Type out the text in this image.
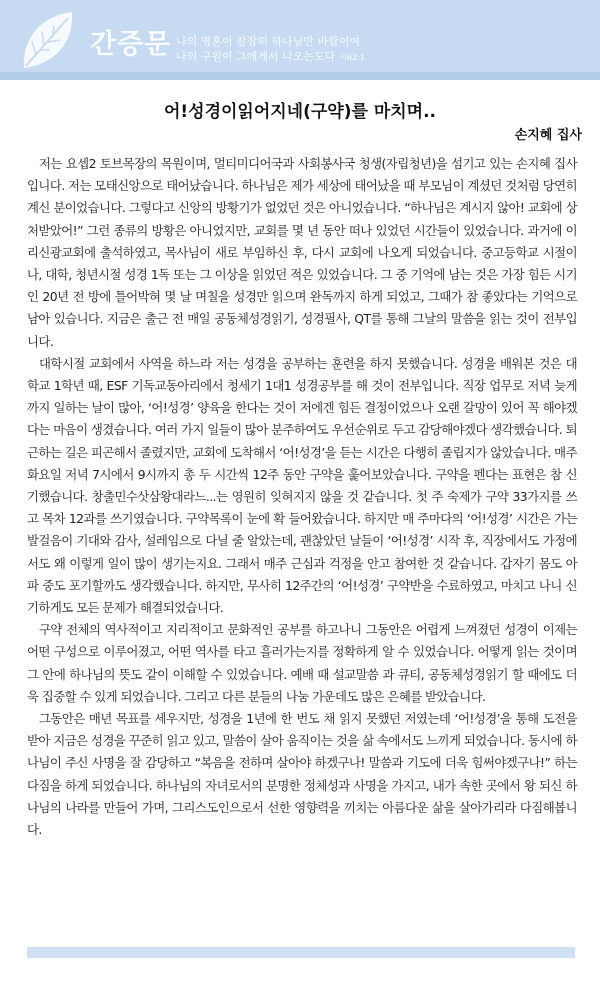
간증문 나의 영혼이 잠잠히 하나님만 바람이여
나의 구원이 그에게서 나오는도다 시62:1
어!성경이읽어지네(구약)를 마치며..
손지혜 집사

저는 요셉2 토브목장의 목원이며, 멀티미디어국과 사회봉사국 청생(자립청년)을 섬기고 있는 손지혜 집사입니다. 저는 모태신앙으로 태어났습니다. 하나님은 제가 세상에 태어났을 때 부모님이 계셨던 것처럼 당연히 계신 분이었습니다. 그렇다고 신앙의 방황기가 없었던 것은 아니었습니다. “하나님은 계시지 않아! 교회에 상처받았어!” 그런 종류의 방황은 아니었지만, 교회를 몇 년 동안 떠나 있었던 시간들이 있었습니다. 과거에 이리신광교회에 출석하였고, 목사님이 새로 부임하신 후, 다시 교회에 나오게 되었습니다. 중고등학교 시절이나, 대학, 청년시절 성경 1독 또는 그 이상을 읽었던 적은 있었습니다. 그 중 기억에 남는 것은 가장 힘든 시기인 20년 전 방에 틀어박혀 몇 날 며칠을 성경만 읽으며 완독까지 하게 되었고, 그때가 참 좋았다는 기억으로 남아 있습니다. 지금은 출근 전 매일 공동체성경읽기, 성경필사, QT를 통해 그날의 말씀을 읽는 것이 전부입니다.

대학시절 교회에서 사역을 하느라 저는 성경을 공부하는 훈련을 하지 못했습니다. 성경을 배워본 것은 대학교 1학년 때, ESF 기독교동아리에서 청세기 1대1 성경공부를 해 것이 전부입니다. 직장 업무로 저녁 늦게까지 일하는 날이 많아, ‘어!성경’ 양육을 한다는 것이 저에겐 힘든 결정이었으나 오랜 갈망이 있어 꼭 해야겠다는 마음이 생겼습니다. 여러 가지 일들이 많아 분주하여도 우선순위로 두고 감당해야겠다 생각했습니다. 퇴근하는 길은 피곤해서 졸렸지만, 교회에 도착해서 ‘어!성경’을 듣는 시간은 다행히 졸립지가 않았습니다. 매주 화요일 저녁 7시에서 9시까지 총 두 시간씩 12주 동안 구약을 훑어보았습니다. 구약을 펜다는 표현은 참 신기했습니다. 창출민수삿삼왕대라느...는 영원히 잊혀지지 않을 것 같습니다. 첫 주 숙제가 구약 33가지를 쓰고 목차 12과를 쓰기였습니다. 구약목록이 눈에 확 들어왔습니다. 하지만 매 주마다의 ‘어!성경’ 시간은 가는 발걸음이 기대와 감사, 설레임으로 다닐 줄 알았는데, 괜찮았던 날들이 ‘어!성경’ 시작 후, 직장에서도 가정에서도 왜 이렇게 일이 많이 생기는지요. 그래서 매주 근심과 걱정을 안고 참여한 것 같습니다. 갑자기 몸도 아파 중도 포기할까도 생각했습니다. 하지만, 무사히 12주간의 ‘어!성경’ 구약반을 수료하였고, 마치고 나니 신기하게도 모든 문제가 해결되었습니다.

구약 전체의 역사적이고 지리적이고 문화적인 공부를 하고나니 그동안은 어렵게 느껴졌던 성경이 이제는 어떤 구성으로 이루어졌고, 어떤 역사를 타고 흘러가는지를 정확하게 알 수 있었습니다. 어떻게 읽는 것이며 그 안에 하나님의 뜻도 같이 이해할 수 있었습니다. 예배 때 설교말씀 과 큐티, 공동체성경읽기 할 때에도 더욱 집중할 수 있게 되었습니다. 그리고 다른 분들의 나눔 가운데도 많은 은혜를 받았습니다.

그동안은 매년 목표를 세우지만, 성경을 1년에 한 번도 채 읽지 못했던 저였는데 ‘어!성경’을 통해 도전을 받아 지금은 성경을 꾸준히 읽고 있고, 말씀이 살아 움직이는 것을 삶 속에서도 느끼게 되었습니다. 동시에 하나님이 주신 사명을 잘 감당하고 “복음을 전하며 살아야 하겠구나! 말씀과 기도에 더욱 힘써야겠구나!” 하는 다짐을 하게 되었습니다. 하나님의 자녀로서의 분명한 정체성과 사명을 가지고, 내가 속한 곳에서 왕 되신 하나님의 나라를 만들어 가며, 그리스도인으로서 선한 영향력을 끼치는 아름다운 삶을 살아가리라 다짐해봅니다.
